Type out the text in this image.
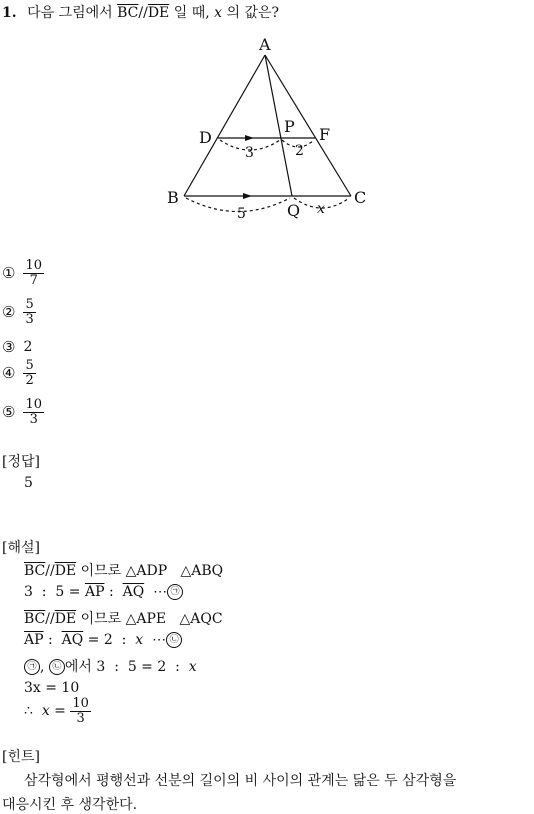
1. 다음 그림에서 $\overline{BC}//\overline{DE}$ 일 때, x 의 값은?
A
B	C
D	F
P
Q
3	2
5	x
① $\frac{10}{7}$
② $\frac{5}{3}$
③ 2
④ $\frac{5}{2}$
⑤ $\frac{10}{3}$
[정답]
5
[해설]
$\overline{BC}//\overline{DE}$ 이므로 △ADP   △ABQ
3  :  $5 = \overline{AP}$ :  $\overline{AQ}$  ⋯ ㉠
$\overline{BC}//\overline{DE}$ 이므로 △APE   △AQC
$\overline{AP}$ :  $\overline{AQ} = 2$  :  x  ⋯ ㉡
㉠ , ㉡ 에서 3  :  5 = 2  :  x
3x = 10
∴  $x = \frac{10}{3}$
[힌트]
삼각형에서 평행선과 선분의 길이의 비 사이의 관계는 닮은 두 삼각형을
대응시킨 후 생각한다.
